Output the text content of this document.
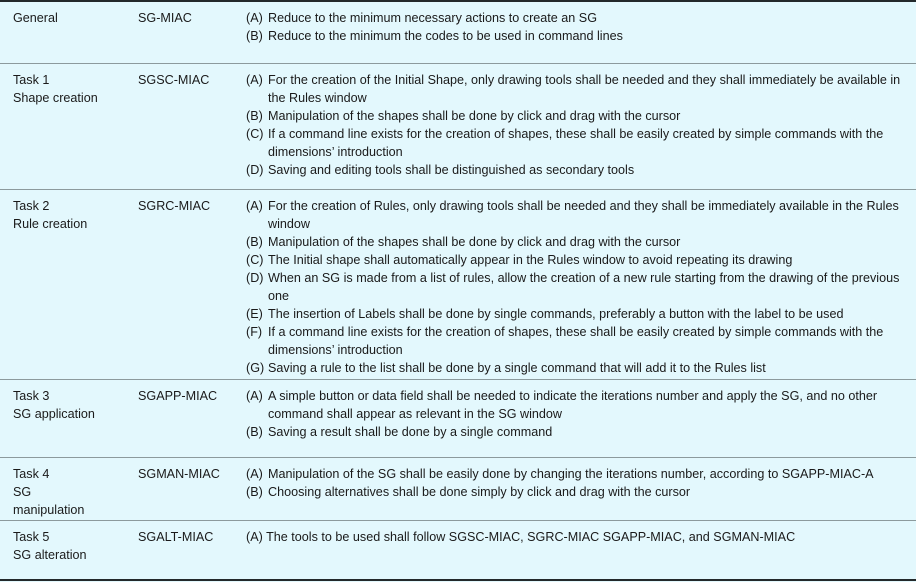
General	SG-MIAC	(A) Reduce to the minimum necessary actions to create an SG
(B) Reduce to the minimum the codes to be used in command lines
Task 1
Shape creation
SGSC-MIAC	(A) For the creation of the Initial Shape, only drawing tools shall be needed and they shall immediately be available in the Rules window
(B) Manipulation of the shapes shall be done by click and drag with the cursor
(C) If a command line exists for the creation of shapes, these shall be easily created by simple commands with the dimensions’ introduction
(D) Saving and editing tools shall be distinguished as secondary tools
Task 2
Rule creation
SGRC-MIAC	(A) For the creation of Rules, only drawing tools shall be needed and they shall be immediately available in the Rules window
(B) Manipulation of the shapes shall be done by click and drag with the cursor
(C) The Initial shape shall automatically appear in the Rules window to avoid repeating its drawing
(D) When an SG is made from a list of rules, allow the creation of a new rule starting from the drawing of the previous one
(E) The insertion of Labels shall be done by single commands, preferably a button with the label to be used
(F) If a command line exists for the creation of shapes, these shall be easily created by simple commands with the dimensions’ introduction
(G) Saving a rule to the list shall be done by a single command that will add it to the Rules list
Task 3
SG application
SGAPP-MIAC	(A) A simple button or data field shall be needed to indicate the iterations number and apply the SG, and no other command shall appear as relevant in the SG window
(B) Saving a result shall be done by a single command
Task 4
SG
manipulation
SGMAN-MIAC	(A) Manipulation of the SG shall be easily done by changing the iterations number, according to SGAPP-MIAC-A
(B) Choosing alternatives shall be done simply by click and drag with the cursor
Task 5
SG alteration
SGALT-MIAC	(A) The tools to be used shall follow SGSC-MIAC, SGRC-MIAC SGAPP-MIAC, and SGMAN-MIAC
